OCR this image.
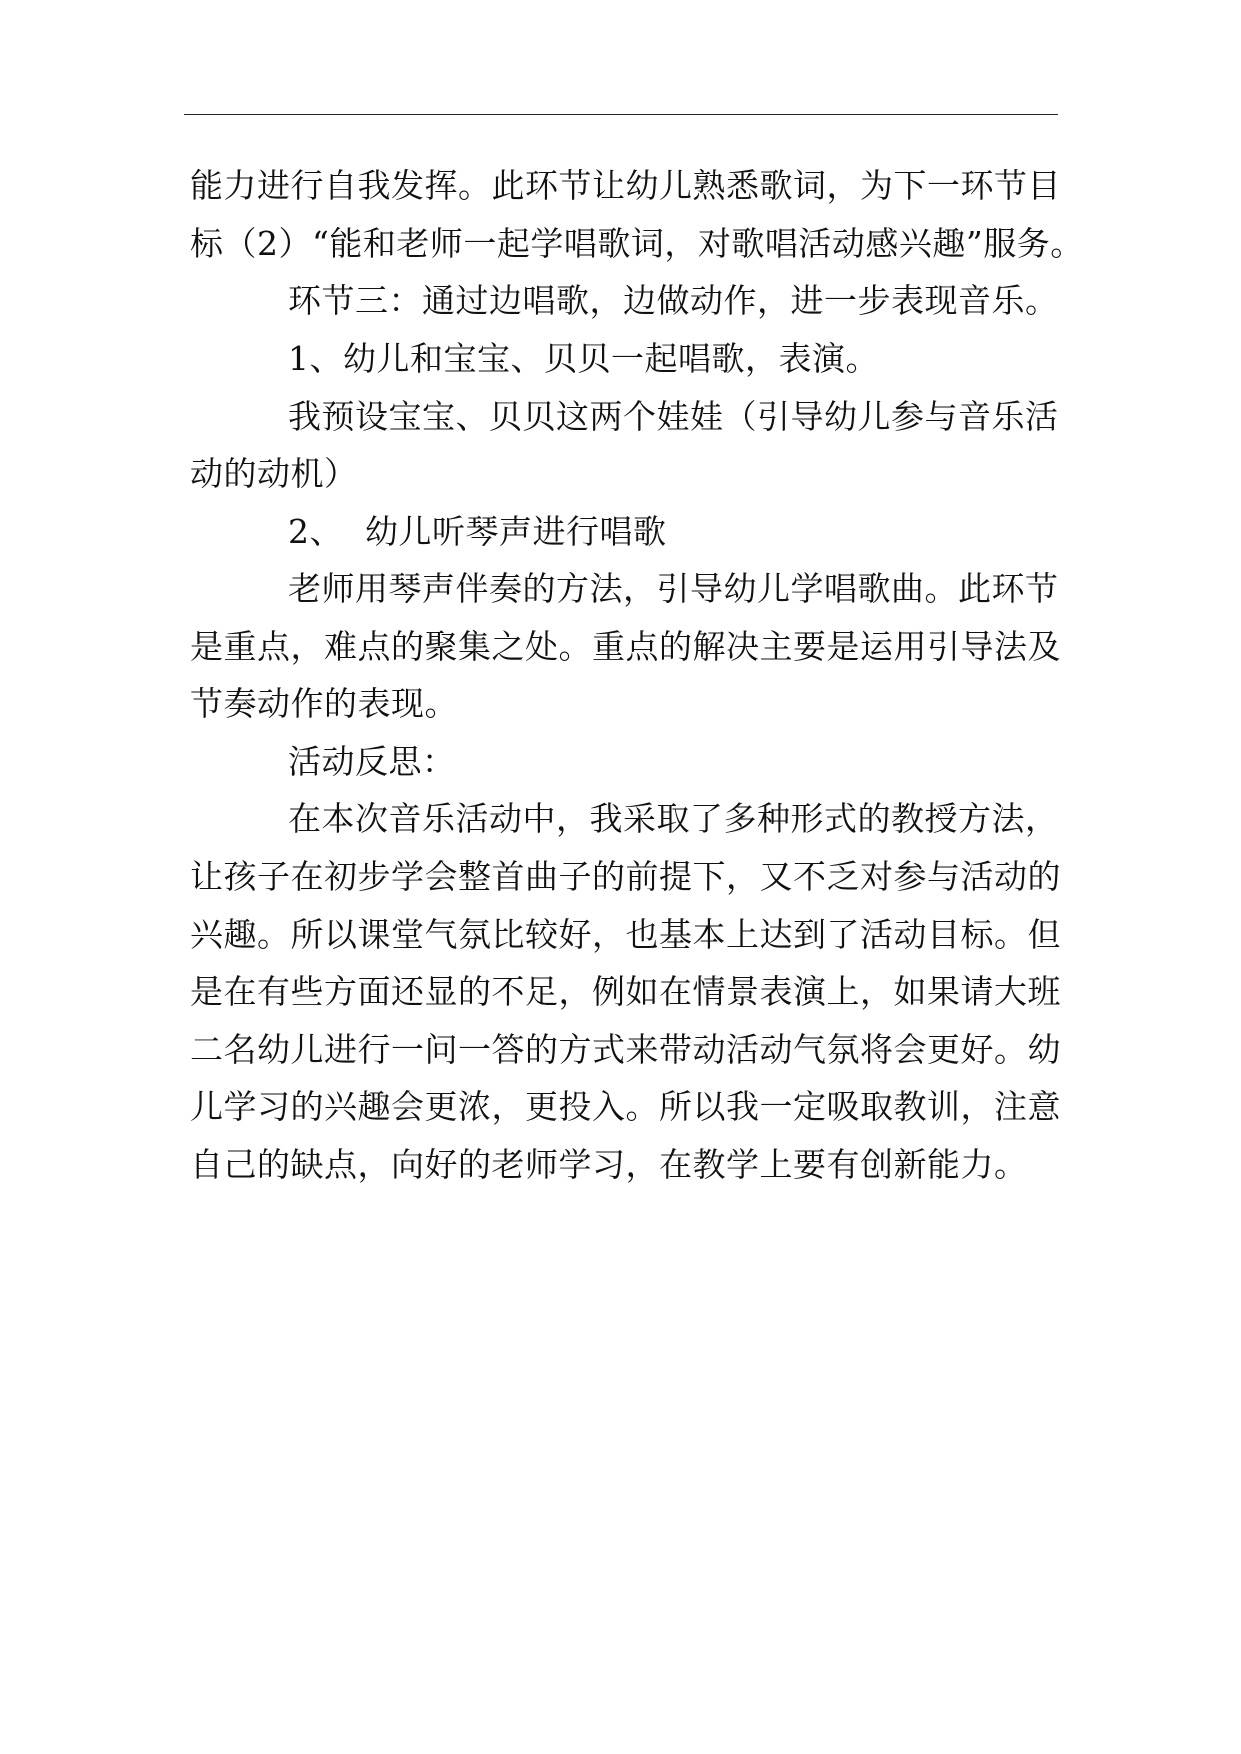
能力进行自我发挥。此环节让幼儿熟悉歌词，为下一环节目
标（2）“能和老师一起学唱歌词，对歌唱活动感兴趣”服务。
环节三：通过边唱歌，边做动作，进一步表现音乐。
1、幼儿和宝宝、贝贝一起唱歌，表演。
我预设宝宝、贝贝这两个娃娃（引导幼儿参与音乐活
动的动机）
2、  幼儿听琴声进行唱歌
老师用琴声伴奏的方法，引导幼儿学唱歌曲。此环节
是重点，难点的聚集之处。重点的解决主要是运用引导法及
节奏动作的表现。
活动反思：
在本次音乐活动中，我采取了多种形式的教授方法，
让孩子在初步学会整首曲子的前提下，又不乏对参与活动的
兴趣。所以课堂气氛比较好，也基本上达到了活动目标。但
是在有些方面还显的不足，例如在情景表演上，如果请大班
二名幼儿进行一问一答的方式来带动活动气氛将会更好。幼
儿学习的兴趣会更浓，更投入。所以我一定吸取教训，注意
自己的缺点，向好的老师学习，在教学上要有创新能力。
